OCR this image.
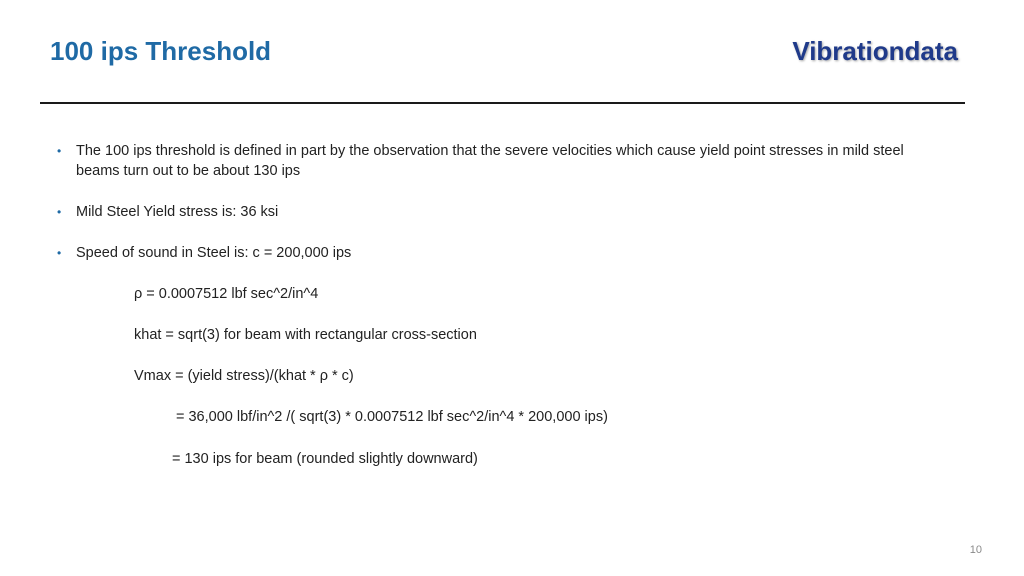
100 ips Threshold	Vibrationdata
• The 100 ips threshold is defined in part by the observation that the severe velocities which cause yield point stresses in mild steel beams turn out to be about 130 ips
• Mild Steel Yield stress is: 36 ksi
• Speed of sound in Steel is: c = 200,000 ips
ρ = 0.0007512 lbf sec^2/in^4
khat = sqrt(3) for beam with rectangular cross-section
Vmax = (yield stress)/(khat * ρ * c)
= 36,000 lbf/in^2 /( sqrt(3) * 0.0007512 lbf sec^2/in^4 * 200,000 ips)
= 130 ips for beam (rounded slightly downward)
10
